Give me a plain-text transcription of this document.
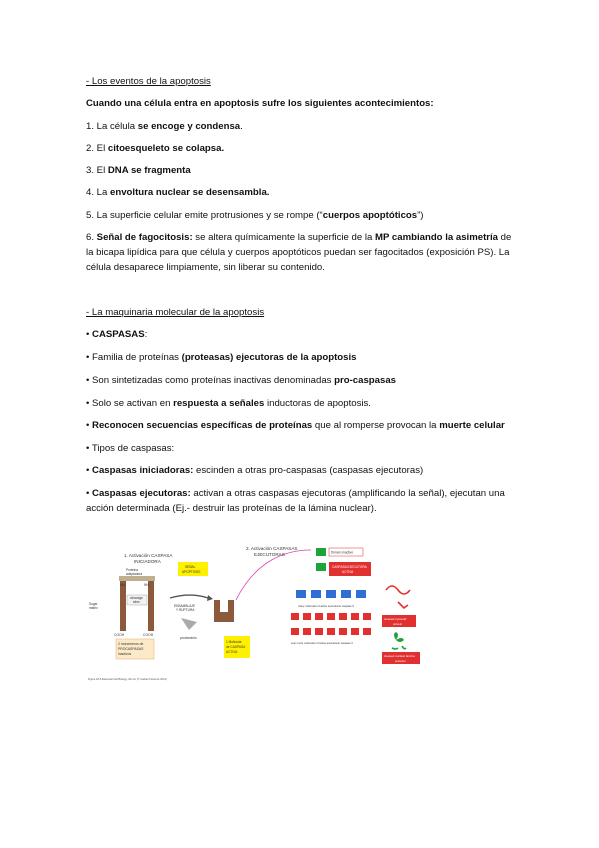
- Los eventos de la apoptosis

Cuando una célula entra en apoptosis sufre los siguientes acontecimientos:

1. La célula se encoge y condensa.

2. El citoesqueleto se colapsa.

3. El DNA se fragmenta

4. La envoltura nuclear se desensambla.

5. La superficie celular emite protrusiones y se rompe (“cuerpos apoptóticos”)

6. Señal de fagocitosis: se altera químicamente la superficie de la MP cambiando la asimetría de la bicapa lipídica para que célula y cuerpos apoptóticos puedan ser fagocitados (exposición PS). La célula desaparece limpiamente, sin liberar su contenido.

- La maquinaria molecular de la apoptosis

• CASPASAS:

• Familia de proteínas (proteasas) ejecutoras de la apoptosis

• Son sintetizadas como proteínas inactivas denominadas pro-caspasas

• Solo se activan en respuesta a señales inductoras de apoptosis.

• Reconocen secuencias específicas de proteínas que al romperse provocan la muerte celular

• Tipos de caspasas:

• Caspasas iniciadoras: escinden a otras pro-caspasas (caspasas ejecutoras)

• Caspasas ejecutoras: activan a otras caspasas ejecutoras (amplificando la señal), ejecutan una acción determinada (Ej.- destruir las proteínas de la lámina nuclear).

1. Activación CASPASA
INICIADORA
Proteína
adaptadora
cleavage
sites
NH₂	NH₂
Sugar
matrix
COOH	COOH
2 monómeros de
PROCASPASAS
inactivos
SEÑAL
APOPTOSIS
ENSAMBLAJE
Y RUPTURA
prodominio
1 Molécula
de CASPASA
ACTIVA
2. Activación CASPASAS
EJECUTORAS	Dímero inactivo
CASPASA EJECUTORA
ACTIVA
many molecules of active executioner caspase 9
even more molecules of active executioner caspase 3
cleaved cytosolic
protein
cleaved nuclear lamina
proteins
Figure 18-5 Essential Cell Biology, 4th ed. (© Garland Science 2014)
